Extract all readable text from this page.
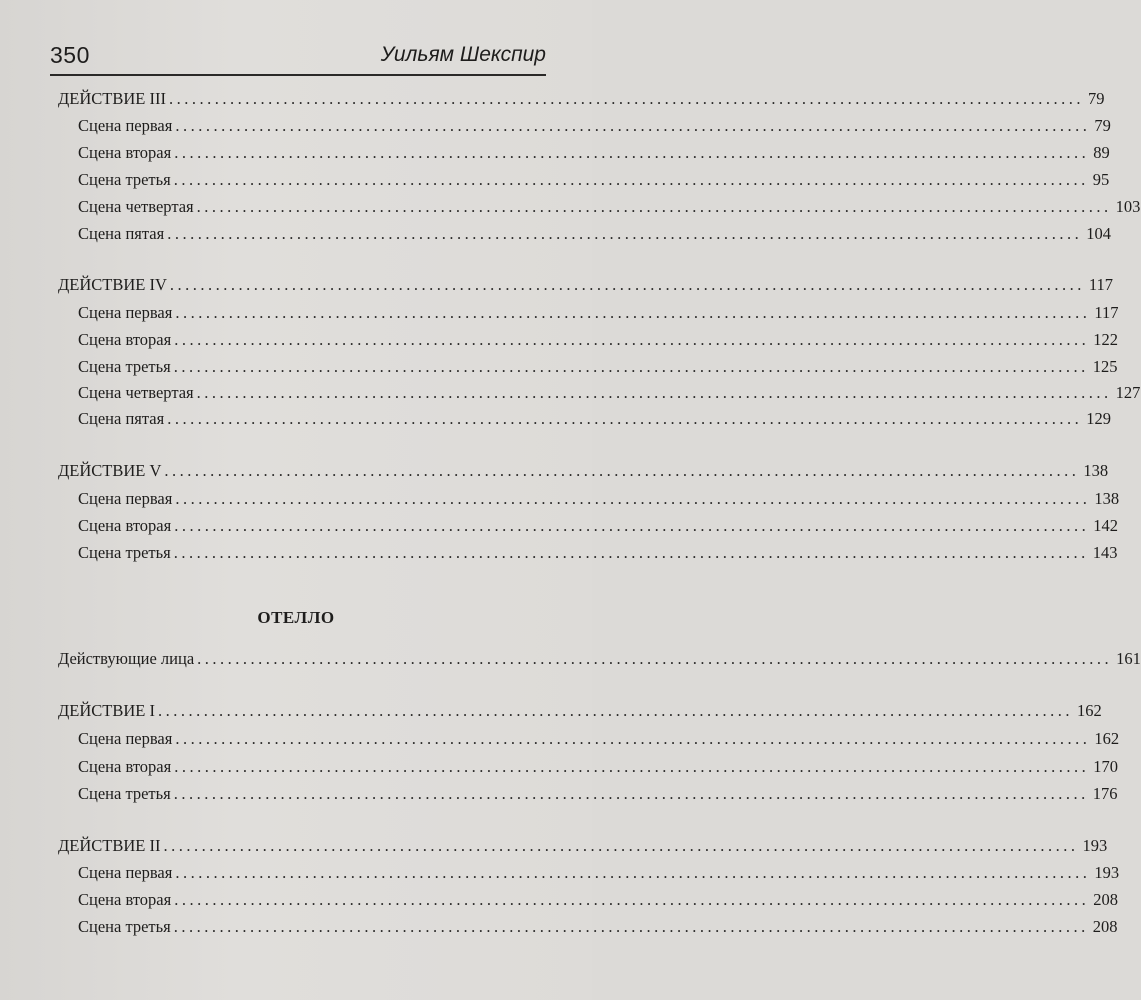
350	Уильям Шекспир
ДЕЙСТВИЕ III ........................................................................................................................ 79
Сцена первая ........................................................................................................................ 79
Сцена вторая ........................................................................................................................ 89
Сцена третья ........................................................................................................................ 95
Сцена четвертая ........................................................................................................................ 103
Сцена пятая ........................................................................................................................ 104
ДЕЙСТВИЕ IV ........................................................................................................................ 117
Сцена первая ........................................................................................................................ 117
Сцена вторая ........................................................................................................................ 122
Сцена третья ........................................................................................................................ 125
Сцена четвертая ........................................................................................................................ 127
Сцена пятая ........................................................................................................................ 129
ДЕЙСТВИЕ V ........................................................................................................................ 138
Сцена первая ........................................................................................................................ 138
Сцена вторая ........................................................................................................................ 142
Сцена третья ........................................................................................................................ 143
ОТЕЛЛО
Действующие лица ........................................................................................................................ 161
ДЕЙСТВИЕ I ........................................................................................................................ 162
Сцена первая ........................................................................................................................ 162
Сцена вторая ........................................................................................................................ 170
Сцена третья ........................................................................................................................ 176
ДЕЙСТВИЕ II ........................................................................................................................ 193
Сцена первая ........................................................................................................................ 193
Сцена вторая ........................................................................................................................ 208
Сцена третья ........................................................................................................................ 208
